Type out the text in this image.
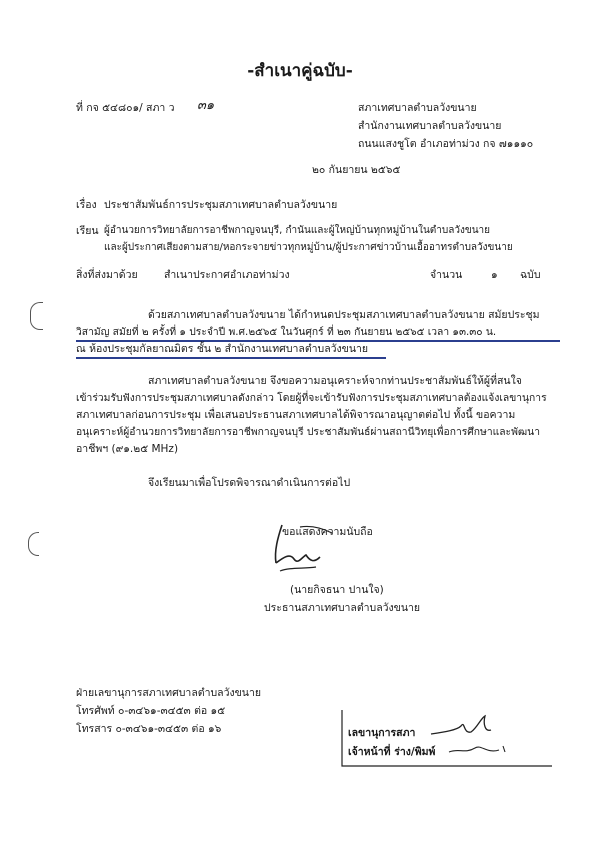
-สำเนาคู่ฉบับ-
ที่ กจ ๕๔๘๐๑/ สภา ว ๓๑	สภาเทศบาลตำบลวังขนาย
สำนักงานเทศบาลตำบลวังขนาย
ถนนแสงชูโต อำเภอท่าม่วง กจ ๗๑๑๑๐
๒๐ กันยายน ๒๕๖๕
เรื่อง ประชาสัมพันธ์การประชุมสภาเทศบาลตำบลวังขนาย
เรียน ผู้อำนวยการวิทยาลัยการอาชีพกาญจนบุรี, กำนันและผู้ใหญ่บ้านทุกหมู่บ้านในตำบลวังขนาย
และผู้ประกาศเสียงตามสาย/หอกระจายข่าวทุกหมู่บ้าน/ผู้ประกาศข่าวบ้านเอื้ออาทรตำบลวังขนาย
สิ่งที่ส่งมาด้วย	สำเนาประกาศอำเภอท่าม่วง	จำนวน	๑ ฉบับ
ด้วยสภาเทศบาลตำบลวังขนาย ได้กำหนดประชุมสภาเทศบาลตำบลวังขนาย สมัยประชุม
วิสามัญ สมัยที่ ๒ ครั้งที่ ๑ ประจำปี พ.ศ.๒๕๖๕ ในวันศุกร์ ที่ ๒๓ กันยายน ๒๕๖๕ เวลา ๑๓.๓๐ น.
ณ ห้องประชุมกัลยาณมิตร ชั้น ๒ สำนักงานเทศบาลตำบลวังขนาย
สภาเทศบาลตำบลวังขนาย จึงขอความอนุเคราะห์จากท่านประชาสัมพันธ์ให้ผู้ที่สนใจ
เข้าร่วมรับฟังการประชุมสภาเทศบาลดังกล่าว โดยผู้ที่จะเข้ารับฟังการประชุมสภาเทศบาลต้องแจ้งเลขานุการ
สภาเทศบาลก่อนการประชุม เพื่อเสนอประธานสภาเทศบาลได้พิจารณาอนุญาตต่อไป ทั้งนี้ ขอความ
อนุเคราะห์ผู้อำนวยการวิทยาลัยการอาชีพกาญจนบุรี ประชาสัมพันธ์ผ่านสถานีวิทยุเพื่อการศึกษาและพัฒนา
อาชีพฯ (๙๑.๒๕ MHz)
จึงเรียนมาเพื่อโปรดพิจารณาดำเนินการต่อไป
ขอแสดงความนับถือ
(นายกิจธนา ปานใจ)
ประธานสภาเทศบาลตำบลวังขนาย
ฝ่ายเลขานุการสภาเทศบาลตำบลวังขนาย
โทรศัพท์ ๐-๓๔๖๑-๓๔๕๓ ต่อ ๑๕
โทรสาร ๐-๓๔๖๑-๓๔๕๓ ต่อ ๑๖	เลขานุการสภา
เจ้าหน้าที่ ร่าง/พิมพ์
